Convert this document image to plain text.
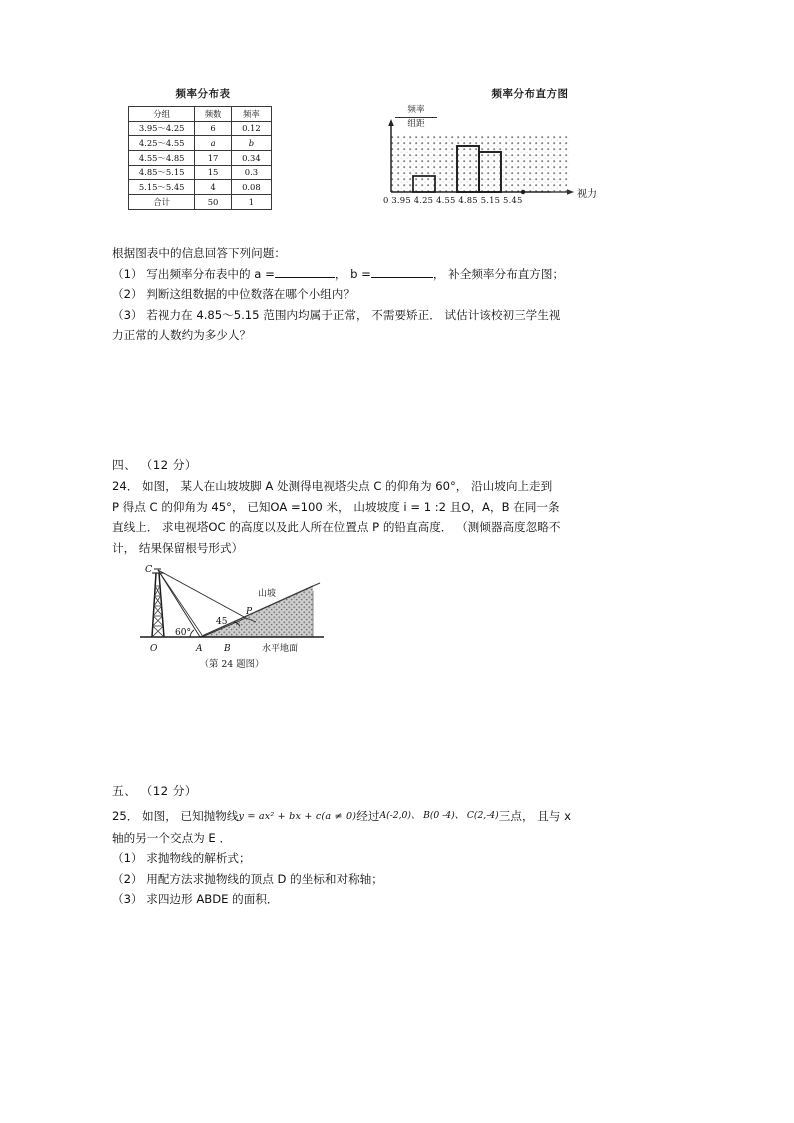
频率分布表
分组	频数	频率
3.95～4.25	6	0.12
4.25～4.55	a	b
4.55～4.85	17	0.34
4.85～5.15	15	0.3
5.15～5.45	4	0.08
合计	50	1
频率分布直方图
频率
组距
0 3.95 4.25 4.55 4.85 5.15 5.45	视力

根据图表中的信息回答下列问题：

（1） 写出频率分布表中的 a =	， b =	， 补全频率分布直方图；

（2） 判断这组数据的中位数落在哪个小组内？

（3） 若视力在 4.85～5.15 范围内均属于正常， 不需要矫正． 试估计该校初三学生视

力正常的人数约为多少人？

四、 （12 分）

24． 如图， 某人在山坡坡脚 A 处测得电视塔尖点 C 的仰角为 60°， 沿山坡向上走到

P 得点 C 的仰角为 45°， 已知OA =100 米， 山坡坡度 i = 1 :2 且O，A，B 在同一条

直线上． 求电视塔OC 的高度以及此人所在位置点 P 的铅直高度． （测倾器高度忽略不

计， 结果保留根号形式）

C
P
O	A B
60°
45
山坡
水平地面
（第 24 题图）
五、 （12 分）

25． 如图， 已知抛物线y = ax² + bx + c(a ≠ 0)经过A(-2,0)、 B(0 -4)、 C(2,-4)三点， 且与 x

轴的另一个交点为 E ．

（1） 求抛物线的解析式；

（2） 用配方法求抛物线的顶点 D 的坐标和对称轴；

（3） 求四边形 ABDE 的面积．
